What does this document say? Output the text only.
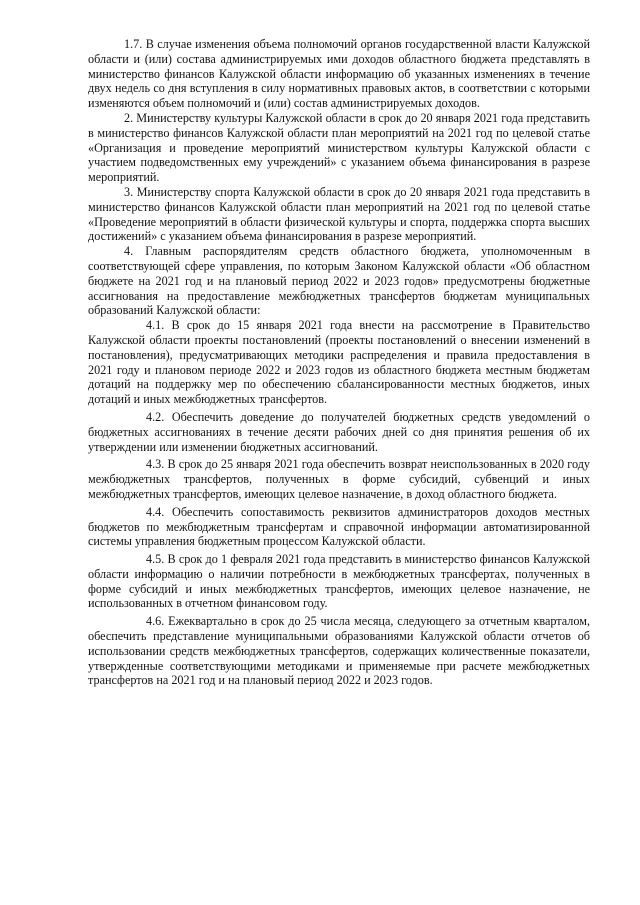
1.7. В случае изменения объема полномочий органов государственной власти Калужской области и (или) состава администрируемых ими доходов областного бюджета представлять в министерство финансов Калужской области информацию об указанных изменениях в течение двух недель со дня вступления в силу нормативных правовых актов, в соответствии с которыми изменяются объем полномочий и (или) состав администрируемых доходов.

2. Министерству культуры Калужской области в срок до 20 января 2021 года представить в министерство финансов Калужской области план мероприятий на 2021 год по целевой статье «Организация и проведение мероприятий министерством культуры Калужской области с участием подведомственных ему учреждений» с указанием объема финансирования в разрезе мероприятий.

3. Министерству спорта Калужской области в срок до 20 января 2021 года представить в министерство финансов Калужской области план мероприятий на 2021 год по целевой статье «Проведение мероприятий в области физической культуры и спорта, поддержка спорта высших достижений» с указанием объема финансирования в разрезе мероприятий.

4. Главным распорядителям средств областного бюджета, уполномоченным в соответствующей сфере управления, по которым Законом Калужской области «Об областном бюджете на 2021 год и на плановый период 2022 и 2023 годов» предусмотрены бюджетные ассигнования на предоставление межбюджетных трансфертов бюджетам муниципальных образований Калужской области:

4.1. В срок до 15 января 2021 года внести на рассмотрение в Правительство Калужской области проекты постановлений (проекты постановлений о внесении изменений в постановления), предусматривающих методики распределения и правила предоставления в 2021 году и плановом периоде 2022 и 2023 годов из областного бюджета местным бюджетам дотаций на поддержку мер по обеспечению сбалансированности местных бюджетов, иных дотаций и иных межбюджетных трансфертов.

4.2. Обеспечить доведение до получателей бюджетных средств уведомлений о бюджетных ассигнованиях в течение десяти рабочих дней со дня принятия решения об их утверждении или изменении бюджетных ассигнований.

4.3. В срок до 25 января 2021 года обеспечить возврат неиспользованных в 2020 году межбюджетных трансфертов, полученных в форме субсидий, субвенций и иных межбюджетных трансфертов, имеющих целевое назначение, в доход областного бюджета.

4.4. Обеспечить сопоставимость реквизитов администраторов доходов местных бюджетов по межбюджетным трансфертам и справочной информации автоматизированной системы управления бюджетным процессом Калужской области.

4.5. В срок до 1 февраля 2021 года представить в министерство финансов Калужской области информацию о наличии потребности в межбюджетных трансфертах, полученных в форме субсидий и иных межбюджетных трансфертов, имеющих целевое назначение, не использованных в отчетном финансовом году.

4.6. Ежеквартально в срок до 25 числа месяца, следующего за отчетным кварталом, обеспечить представление муниципальными образованиями Калужской области отчетов об использовании средств межбюджетных трансфертов, содержащих количественные показатели, утвержденные соответствующими методиками и применяемые при расчете межбюджетных трансфертов на 2021 год и на плановый период 2022 и 2023 годов.
